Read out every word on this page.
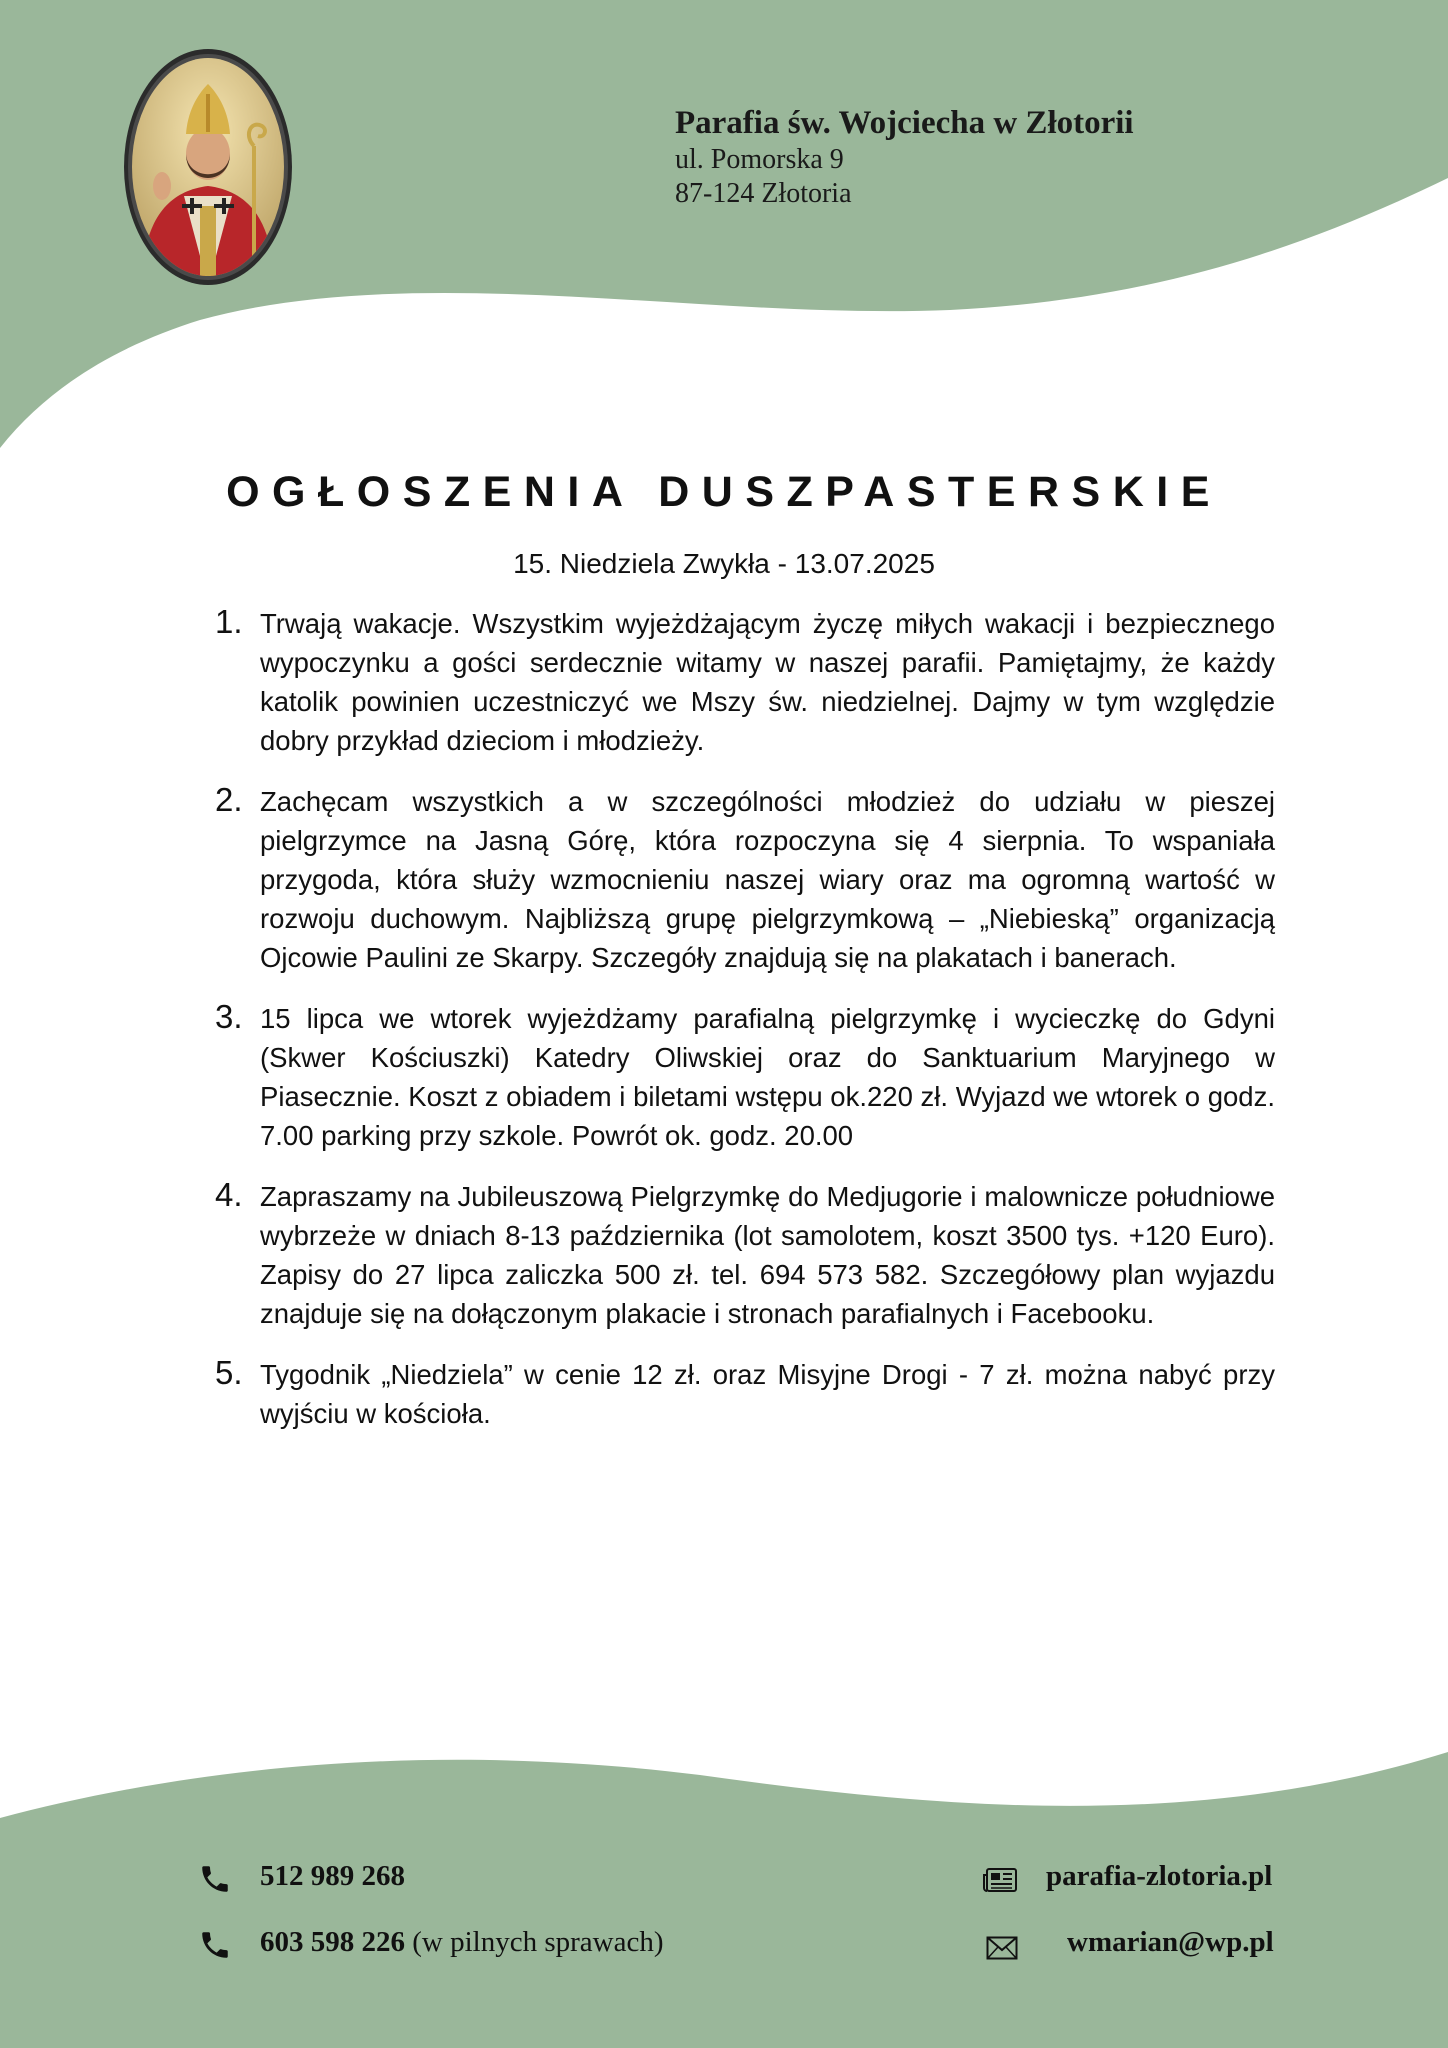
Parafia św. Wojciecha w Złotorii
ul. Pomorska 9
87-124 Złotoria
OGŁOSZENIA DUSZPASTERSKIE
15. Niedziela Zwykła - 13.07.2025
1. Trwają wakacje. Wszystkim wyjeżdżającym życzę miłych wakacji i bezpiecznego wypoczynku a gości serdecznie witamy w naszej parafii. Pamiętajmy, że każdy katolik powinien uczestniczyć we Mszy św. niedzielnej. Dajmy w tym względzie dobry przykład dzieciom i młodzieży.
2. Zachęcam wszystkich a w szczególności młodzież do udziału w pieszej pielgrzymce na Jasną Górę, która rozpoczyna się 4 sierpnia. To wspaniała przygoda, która służy wzmocnieniu naszej wiary oraz ma ogromną wartość w rozwoju duchowym. Najbliższą grupę pielgrzymkową – „Niebieską” organizacją Ojcowie Paulini ze Skarpy. Szczegóły znajdują się na plakatach i banerach.
3. 15 lipca we wtorek wyjeżdżamy parafialną pielgrzymkę i wycieczkę do Gdyni (Skwer Kościuszki) Katedry Oliwskiej oraz do Sanktuarium Maryjnego w Piasecznie. Koszt z obiadem i biletami wstępu ok.220 zł. Wyjazd we wtorek o godz. 7.00 parking przy szkole. Powrót ok. godz. 20.00
4. Zapraszamy na Jubileuszową Pielgrzymkę do Medjugorie i malownicze południowe wybrzeże w dniach 8-13 października (lot samolotem, koszt 3500 tys. +120 Euro). Zapisy do 27 lipca zaliczka 500 zł. tel. 694 573 582. Szczegółowy plan wyjazdu znajduje się na dołączonym plakacie i stronach parafialnych i Facebooku.
5. Tygodnik „Niedziela” w cenie 12 zł. oraz Misyjne Drogi - 7 zł. można nabyć przy wyjściu w kościoła.
512 989 268
603 598 226 (w pilnych sprawach)
parafia-zlotoria.pl
wmarian@wp.pl
